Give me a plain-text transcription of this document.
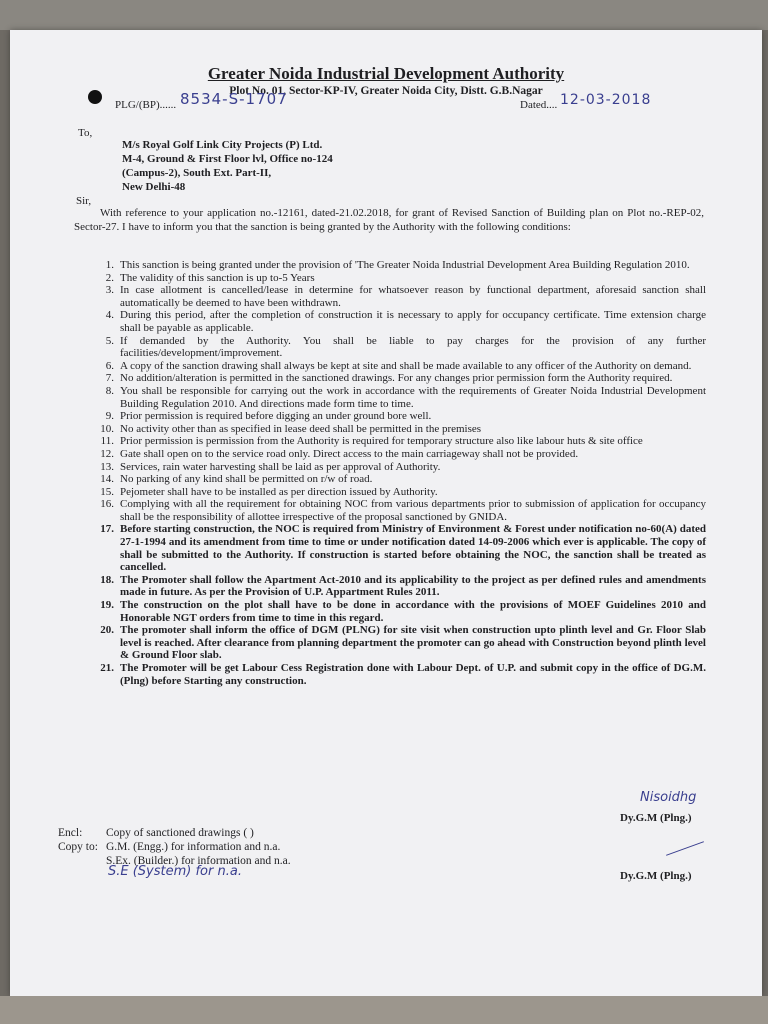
Greater Noida Industrial Development Authority
Plot No. 01, Sector-KP-IV, Greater Noida City, Distt. G.B.Nagar
PLG/(BP)...... 8534-S-1707	Dated.... 12-03-2018
To,
M/s Royal Golf Link City Projects (P) Ltd.
M-4, Ground & First Floor lvl, Office no-124
(Campus-2), South Ext. Part-II,
New Delhi-48
Sir,
With reference to your application no.-12161, dated-21.02.2018, for grant of Revised Sanction of Building plan on Plot no.-REP-02, Sector-27. I have to inform you that the sanction is being granted by the Authority with the following conditions:
1. This sanction is being granted under the provision of 'The Greater Noida Industrial Development Area Building Regulation 2010.
2. The validity of this sanction is up to-5 Years
3. In case allotment is cancelled/lease in determine for whatsoever reason by functional department, aforesaid sanction shall automatically be deemed to have been withdrawn.
4. During this period, after the completion of construction it is necessary to apply for occupancy certificate. Time extension charge shall be payable as applicable.
5. If demanded by the Authority. You shall be liable to pay charges for the provision of any further facilities/development/improvement.
6. A copy of the sanction drawing shall always be kept at site and shall be made available to any officer of the Authority on demand.
7. No addition/alteration is permitted in the sanctioned drawings. For any changes prior permission form the Authority required.
8. You shall be responsible for carrying out the work in accordance with the requirements of Greater Noida Industrial Development Building Regulation 2010. And directions made form time to time.
9. Prior permission is required before digging an under ground bore well.
10. No activity other than as specified in lease deed shall be permitted in the premises
11. Prior permission is permission from the Authority is required for temporary structure also like labour huts & site office
12. Gate shall open on to the service road only. Direct access to the main carriageway shall not be provided.
13. Services, rain water harvesting shall be laid as per approval of Authority.
14. No parking of any kind shall be permitted on r/w of road.
15. Pejometer shall have to be installed as per direction issued by Authority.
16. Complying with all the requirement for obtaining NOC from various departments prior to submission of application for occupancy shall be the responsibility of allottee irrespective of the proposal sanctioned by GNIDA.
17. Before starting construction, the NOC is required from Ministry of Environment & Forest under notification no-60(A) dated 27-1-1994 and its amendment from time to time or under notification dated 14-09-2006 which ever is applicable. The copy of shall be submitted to the Authority. If construction is started before obtaining the NOC, the sanction shall be treated as cancelled.
18. The Promoter shall follow the Apartment Act-2010 and its applicability to the project as per defined rules and amendments made in future. As per the Provision of U.P. Appartment Rules 2011.
19. The construction on the plot shall have to be done in accordance with the provisions of MOEF Guidelines 2010 and Honorable NGT orders from time to time in this regard.
20. The promoter shall inform the office of DGM (PLNG) for site visit when construction upto plinth level and Gr. Floor Slab level is reached. After clearance from planning department the promoter can go ahead with Construction beyond plinth level & Ground Floor slab.
21. The Promoter will be get Labour Cess Registration done with Labour Dept. of U.P. and submit copy in the office of DG.M.(Plng) before Starting any construction.
Nisoidhg
Dy.G.M (Plng.)
Encl:	Copy of sanctioned drawings ( )
Copy to: G.M. (Engg.) for information and n.a.
S.Ex. (Builder.) for information and n.a.
S.E (System) for n.a.	Dy.G.M (Plng.)
